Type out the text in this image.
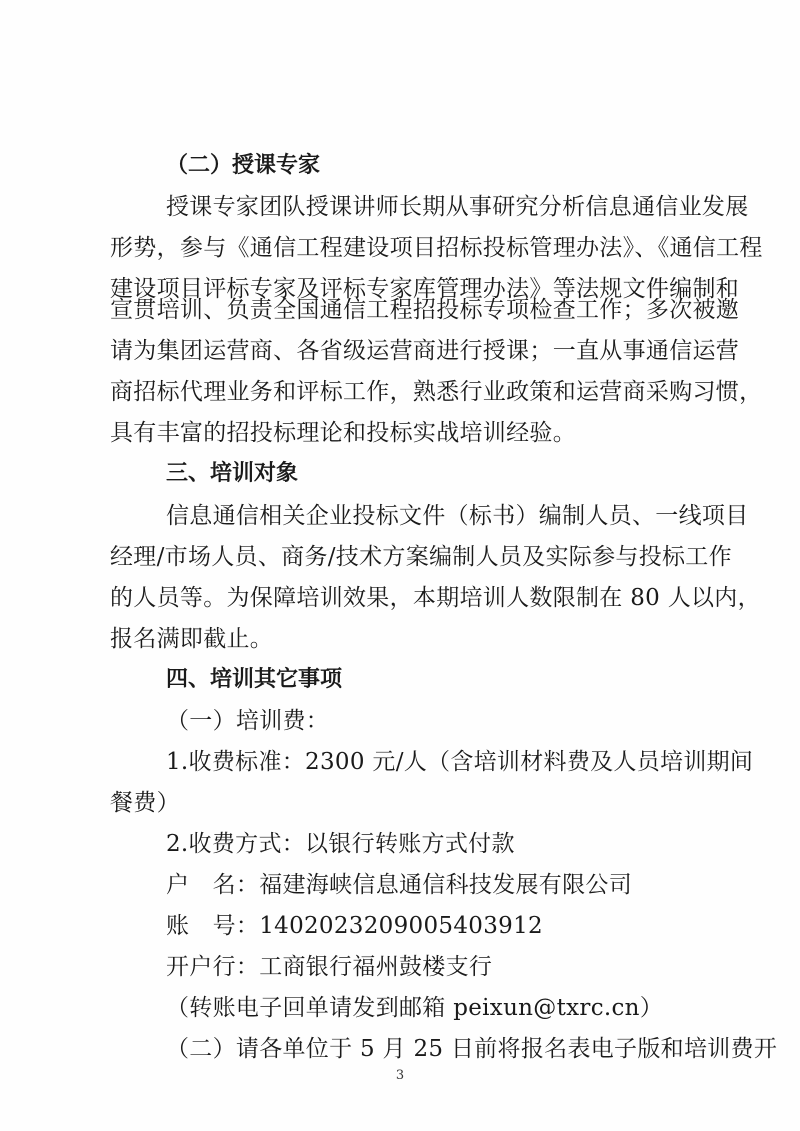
（二）授课专家
授课专家团队授课讲师长期从事研究分析信息通信业发展
形势，参与《通信工程建设项目招标投标管理办法》、《通信工程
建设项目评标专家及评标专家库管理办法》等法规文件编制和
宣贯培训、负责全国通信工程招投标专项检查工作；多次被邀
请为集团运营商、各省级运营商进行授课；一直从事通信运营
商招标代理业务和评标工作，熟悉行业政策和运营商采购习惯，
具有丰富的招投标理论和投标实战培训经验。
三、培训对象
信息通信相关企业投标文件（标书）编制人员、一线项目
经理/市场人员、商务/技术方案编制人员及实际参与投标工作
的人员等。为保障培训效果，本期培训人数限制在 80 人以内，
报名满即截止。
四、培训其它事项
（一）培训费：
1.收费标准：2300 元/人（含培训材料费及人员培训期间
餐费）
2.收费方式：以银行转账方式付款
户　名：福建海峡信息通信科技发展有限公司
账　号：1402023209005403912
开户行：工商银行福州鼓楼支行
（转账电子回单请发到邮箱 peixun@txrc.cn）
（二）请各单位于 5 月 25 日前将报名表电子版和培训费开
3
